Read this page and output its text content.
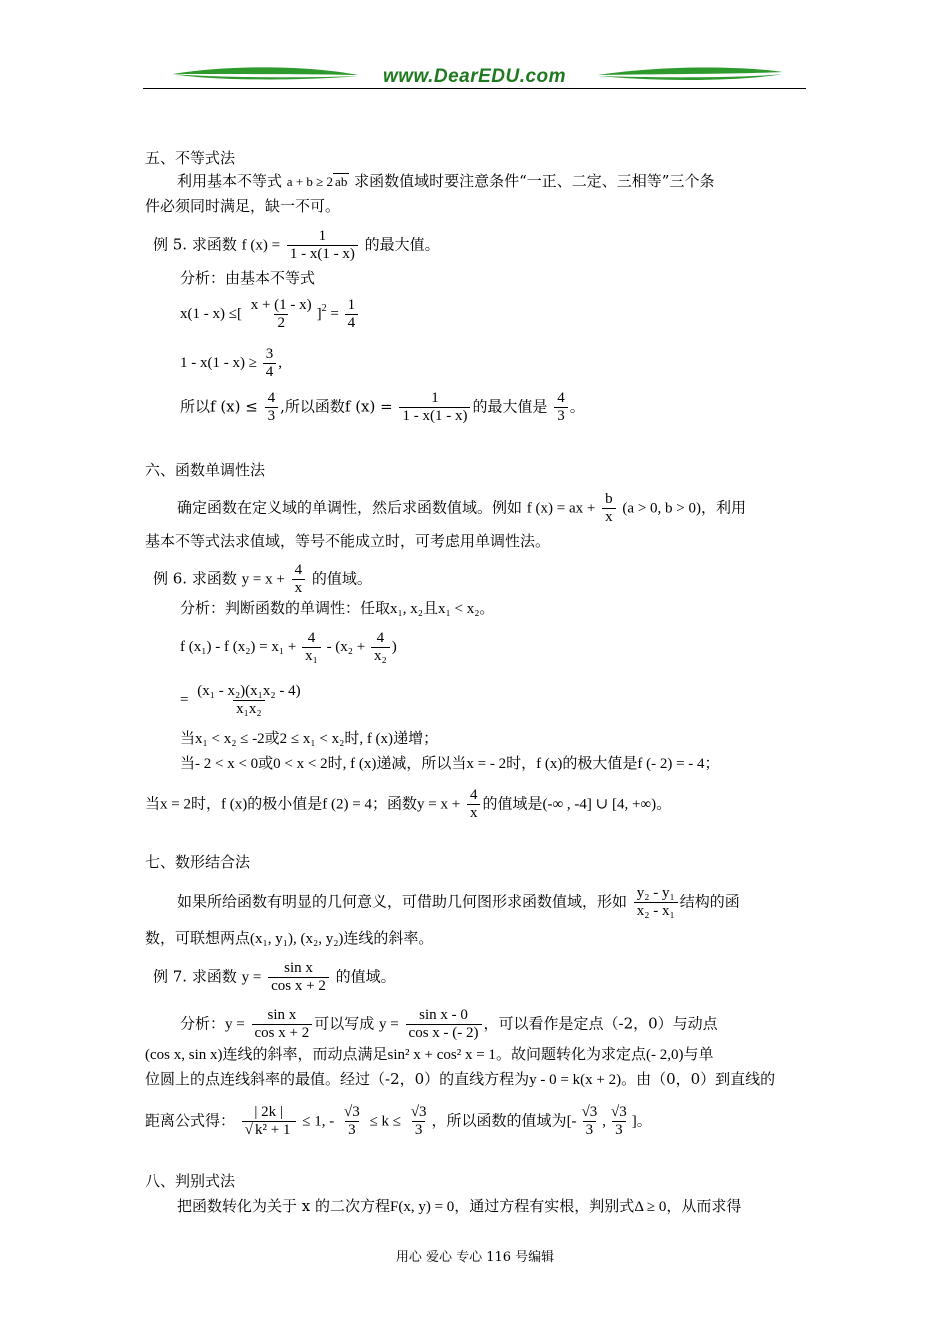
www.DearEDU.com
五、不等式法
利用基本不等式 a + b ≥ 2 ab 求函数值域时要注意条件“一正、二定、三相等”三个条
件必须同时满足，缺一不可。
例 5. 求函数 f $(x) = \frac{1}{1 - x(1 - x)}$ 的最大值。
分析：由基本不等式
x(1 - x) ≤[ $\frac{x + (1 - x)}{2} ]^2 = \frac{1}{4}$
$1 - x(1 - x) \ge \frac{3}{4}$ ,
所以f $(x) \le \frac{4}{3}$ ,所以函数f $(x) = \frac{1}{1 - x(1 - x)}$ 的最大值是 $\frac{4}{3}$ 。
六、函数单调性法
确定函数在定义域的单调性，然后求函数值域。例如 f (x) = ax + $\frac{b}{x} (a > 0$, b > 0)，利用
基本不等式法求值域，等号不能成立时，可考虑用单调性法。
例 6. 求函数 $y = x + \frac{4}{x}$ 的值域。
分析：判断函数的单调性：任取x₁, x₂且x₁ < x₂。
f (x₁) - f $(x_2) = x_1 + \frac{4}{\text{x₁}} - (x_2 + \frac{4}{\text{x₂}}$ )
= $\frac{\text{(x₁ - x₂)(x₁x₂ - 4)}}{\text{x₁x₂}}$
当x₁ < x₂ ≤ -2或2 ≤ x₁ < x₂时, f (x)递增；
当- 2 < x < 0或0 < x < 2时, f (x)递减，所以当x = - 2时，f (x)的极大值是f (- 2) = - 4；
当x = 2时，f (x)的极小值是f (2) = 4；函数$y = x + \frac{4}{x}$ 的值域是(-∞ , -4] ∪ [4, +∞)。
七、数形结合法
如果所给函数有明显的几何意义，可借助几何图形求函数值域，形如 $\frac{\text{y₂ - y₁}}{\text{x₂ - x₁}}$ 结构的函
数，可联想两点(x₁, y₁), (x₂, y₂)连线的斜率。
例 7. 求函数 $y = \frac{\text{sin x}}{\text{cos x + 2}}$ 的值域。
分析：$y = \frac{\text{sin x}}{\text{cos x + 2}}$ 可以写成 $y = \frac{\text{sin x - 0}}{\text{cos x - (- 2)}}$ ，可以看作是定点（-2，0）与动点
(cos x, sin x)连线的斜率，而动点满足sin² x + cos² x = 1。故问题转化为求定点(- 2,0)与单
位圆上的点连线斜率的最值。经过（-2，0）的直线方程为y - 0 = k(x + 2)。由（0，0）到直线的
距离公式得： $\frac{| 2k |}{\text{√ k² + 1}} \le 1$, - $\frac{√3}{3} \le k \le \frac{√3}{3}$ ，所以函数的值域为[- $\frac{√3}{3}$ , $\frac{√3}{3}$ ]。
八、判别式法
把函数转化为关于 x 的二次方程F(x, y) = 0，通过方程有实根，判别式Δ ≥ 0，从而求得
用心 爱心 专心 116 号编辑
